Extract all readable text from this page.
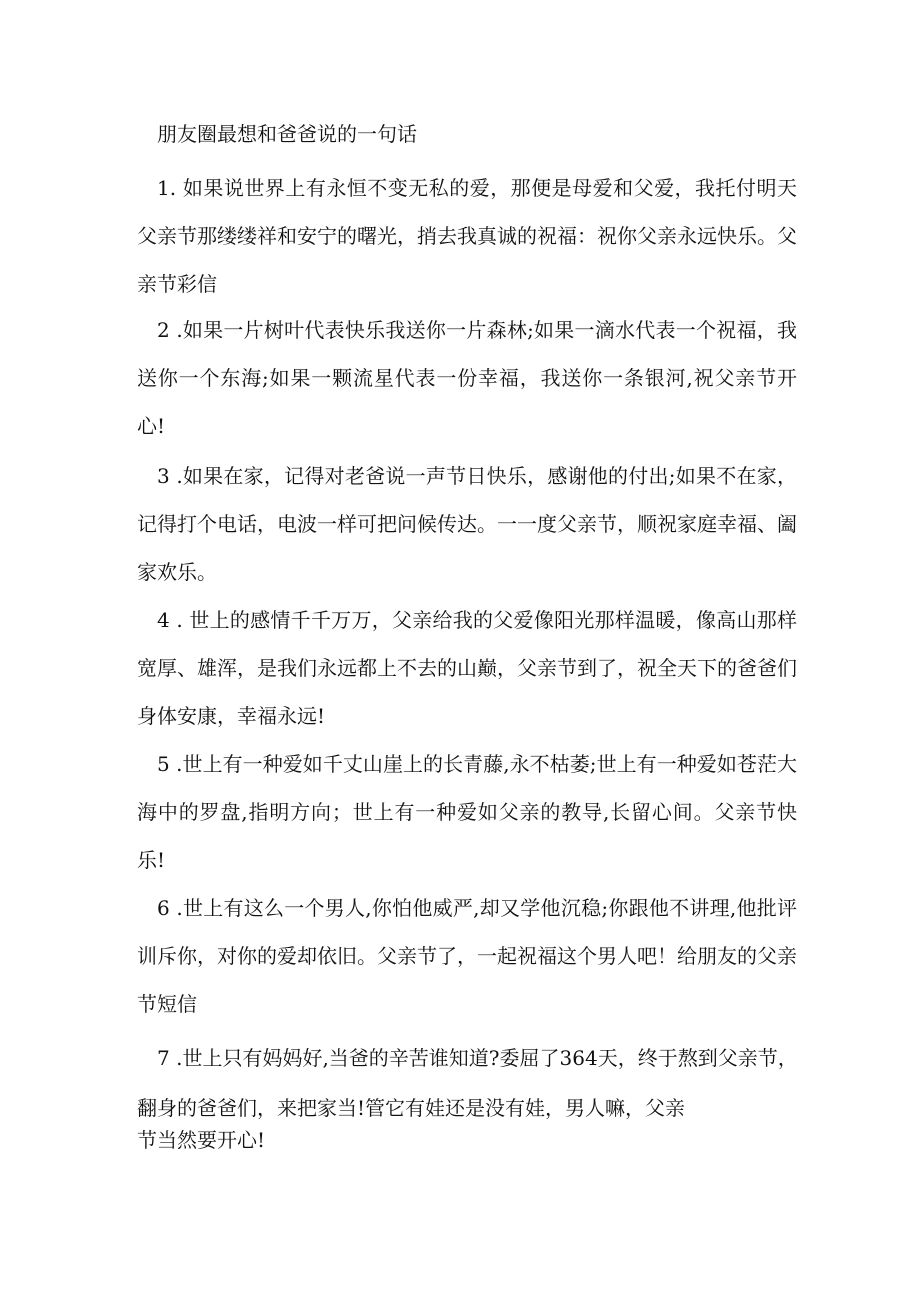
朋友圈最想和爸爸说的一句话
1. 如果说世界上有永恒不变无私的爱，那便是母爱和父爱，我托付明天父亲节那缕缕祥和安宁的曙光，捎去我真诚的祝福：祝你父亲永远快乐。父亲节彩信
2 .如果一片树叶代表快乐我送你一片森林;如果一滴水代表一个祝福，我送你一个东海;如果一颗流星代表一份幸福，我送你一条银河,祝父亲节开心!
3 .如果在家，记得对老爸说一声节日快乐，感谢他的付出;如果不在家，记得打个电话，电波一样可把问候传达。一一度父亲节，顺祝家庭幸福、阖家欢乐。
4 . 世上的感情千千万万，父亲给我的父爱像阳光那样温暖，像高山那样宽厚、雄浑，是我们永远都上不去的山巅，父亲节到了，祝全天下的爸爸们身体安康，幸福永远!
5 .世上有一种爱如千丈山崖上的长青藤,永不枯萎;世上有一种爱如苍茫大海中的罗盘,指明方向；世上有一种爱如父亲的教导,长留心间。父亲节快乐!
6 .世上有这么一个男人,你怕他威严,却又学他沉稳;你跟他不讲理,他批评训斥你，对你的爱却依旧。父亲节了，一起祝福这个男人吧！给朋友的父亲节短信
7 .世上只有妈妈好,当爸的辛苦谁知道?委屈了364天，终于熬到父亲节，
翻身的爸爸们，来把家当!管它有娃还是没有娃，男人嘛，父亲
节当然要开心!
